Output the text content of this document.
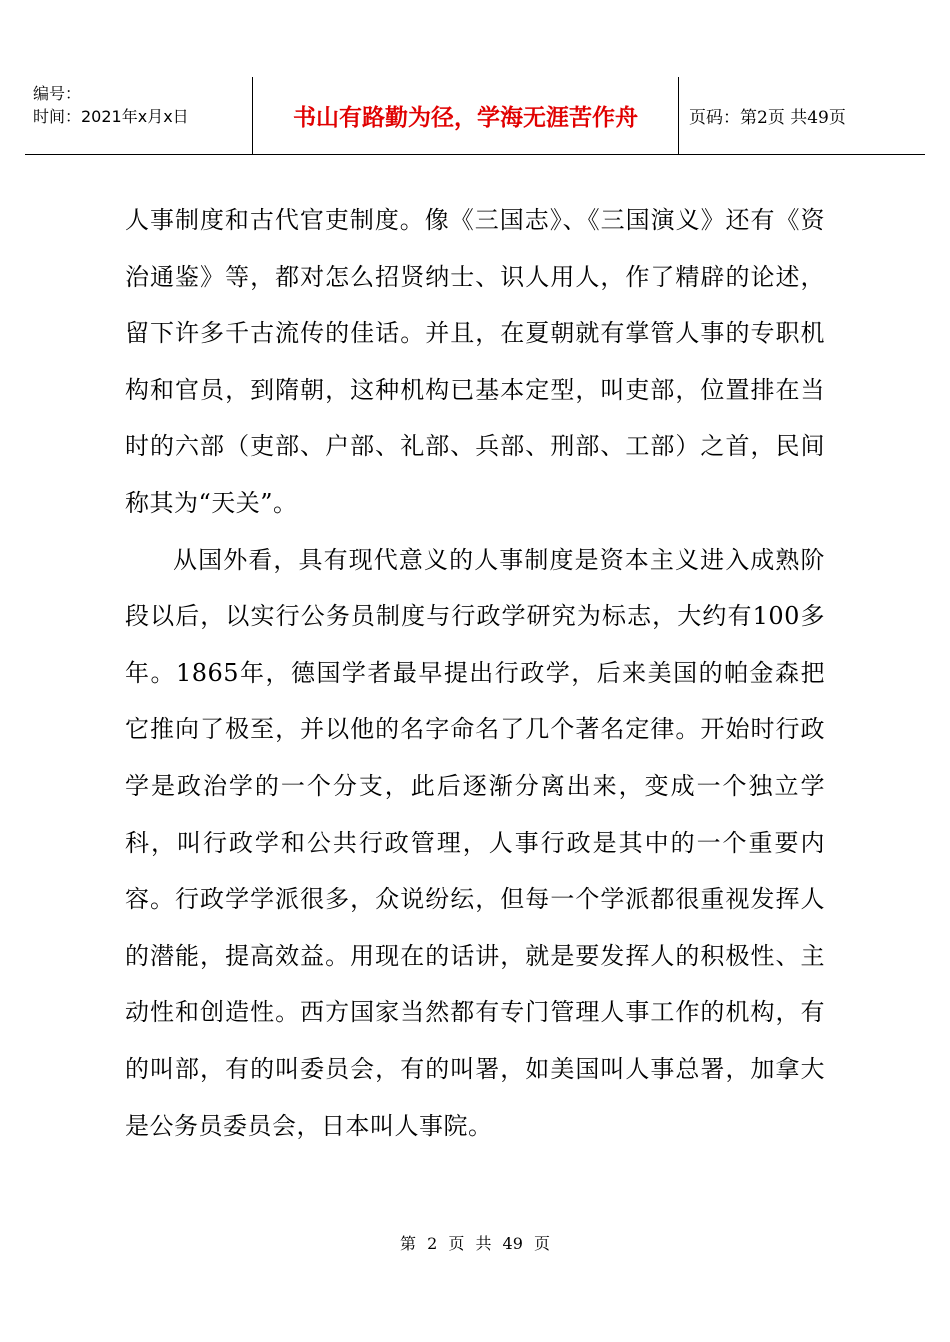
编号：
时间：2021年x月x日	书山有路勤为径，学海无涯苦作舟	页码：第2页 共49页

人事制度和古代官吏制度。像《三国志》、《三国演义》还有《资治通鉴》等，都对怎么招贤纳士、识人用人，作了精辟的论述，留下许多千古流传的佳话。并且，在夏朝就有掌管人事的专职机构和官员，到隋朝，这种机构已基本定型，叫吏部，位置排在当时的六部（吏部、户部、礼部、兵部、刑部、工部）之首，民间称其为“天关”。

从国外看，具有现代意义的人事制度是资本主义进入成熟阶段以后，以实行公务员制度与行政学研究为标志，大约有100多年。1865年，德国学者最早提出行政学，后来美国的帕金森把它推向了极至，并以他的名字命名了几个著名定律。开始时行政学是政治学的一个分支，此后逐渐分离出来，变成一个独立学科，叫行政学和公共行政管理，人事行政是其中的一个重要内容。行政学学派很多，众说纷纭，但每一个学派都很重视发挥人的潜能，提高效益。用现在的话讲，就是要发挥人的积极性、主动性和创造性。西方国家当然都有专门管理人事工作的机构，有的叫部，有的叫委员会，有的叫署，如美国叫人事总署，加拿大是公务员委员会，日本叫人事院。

第 2 页 共 49 页
